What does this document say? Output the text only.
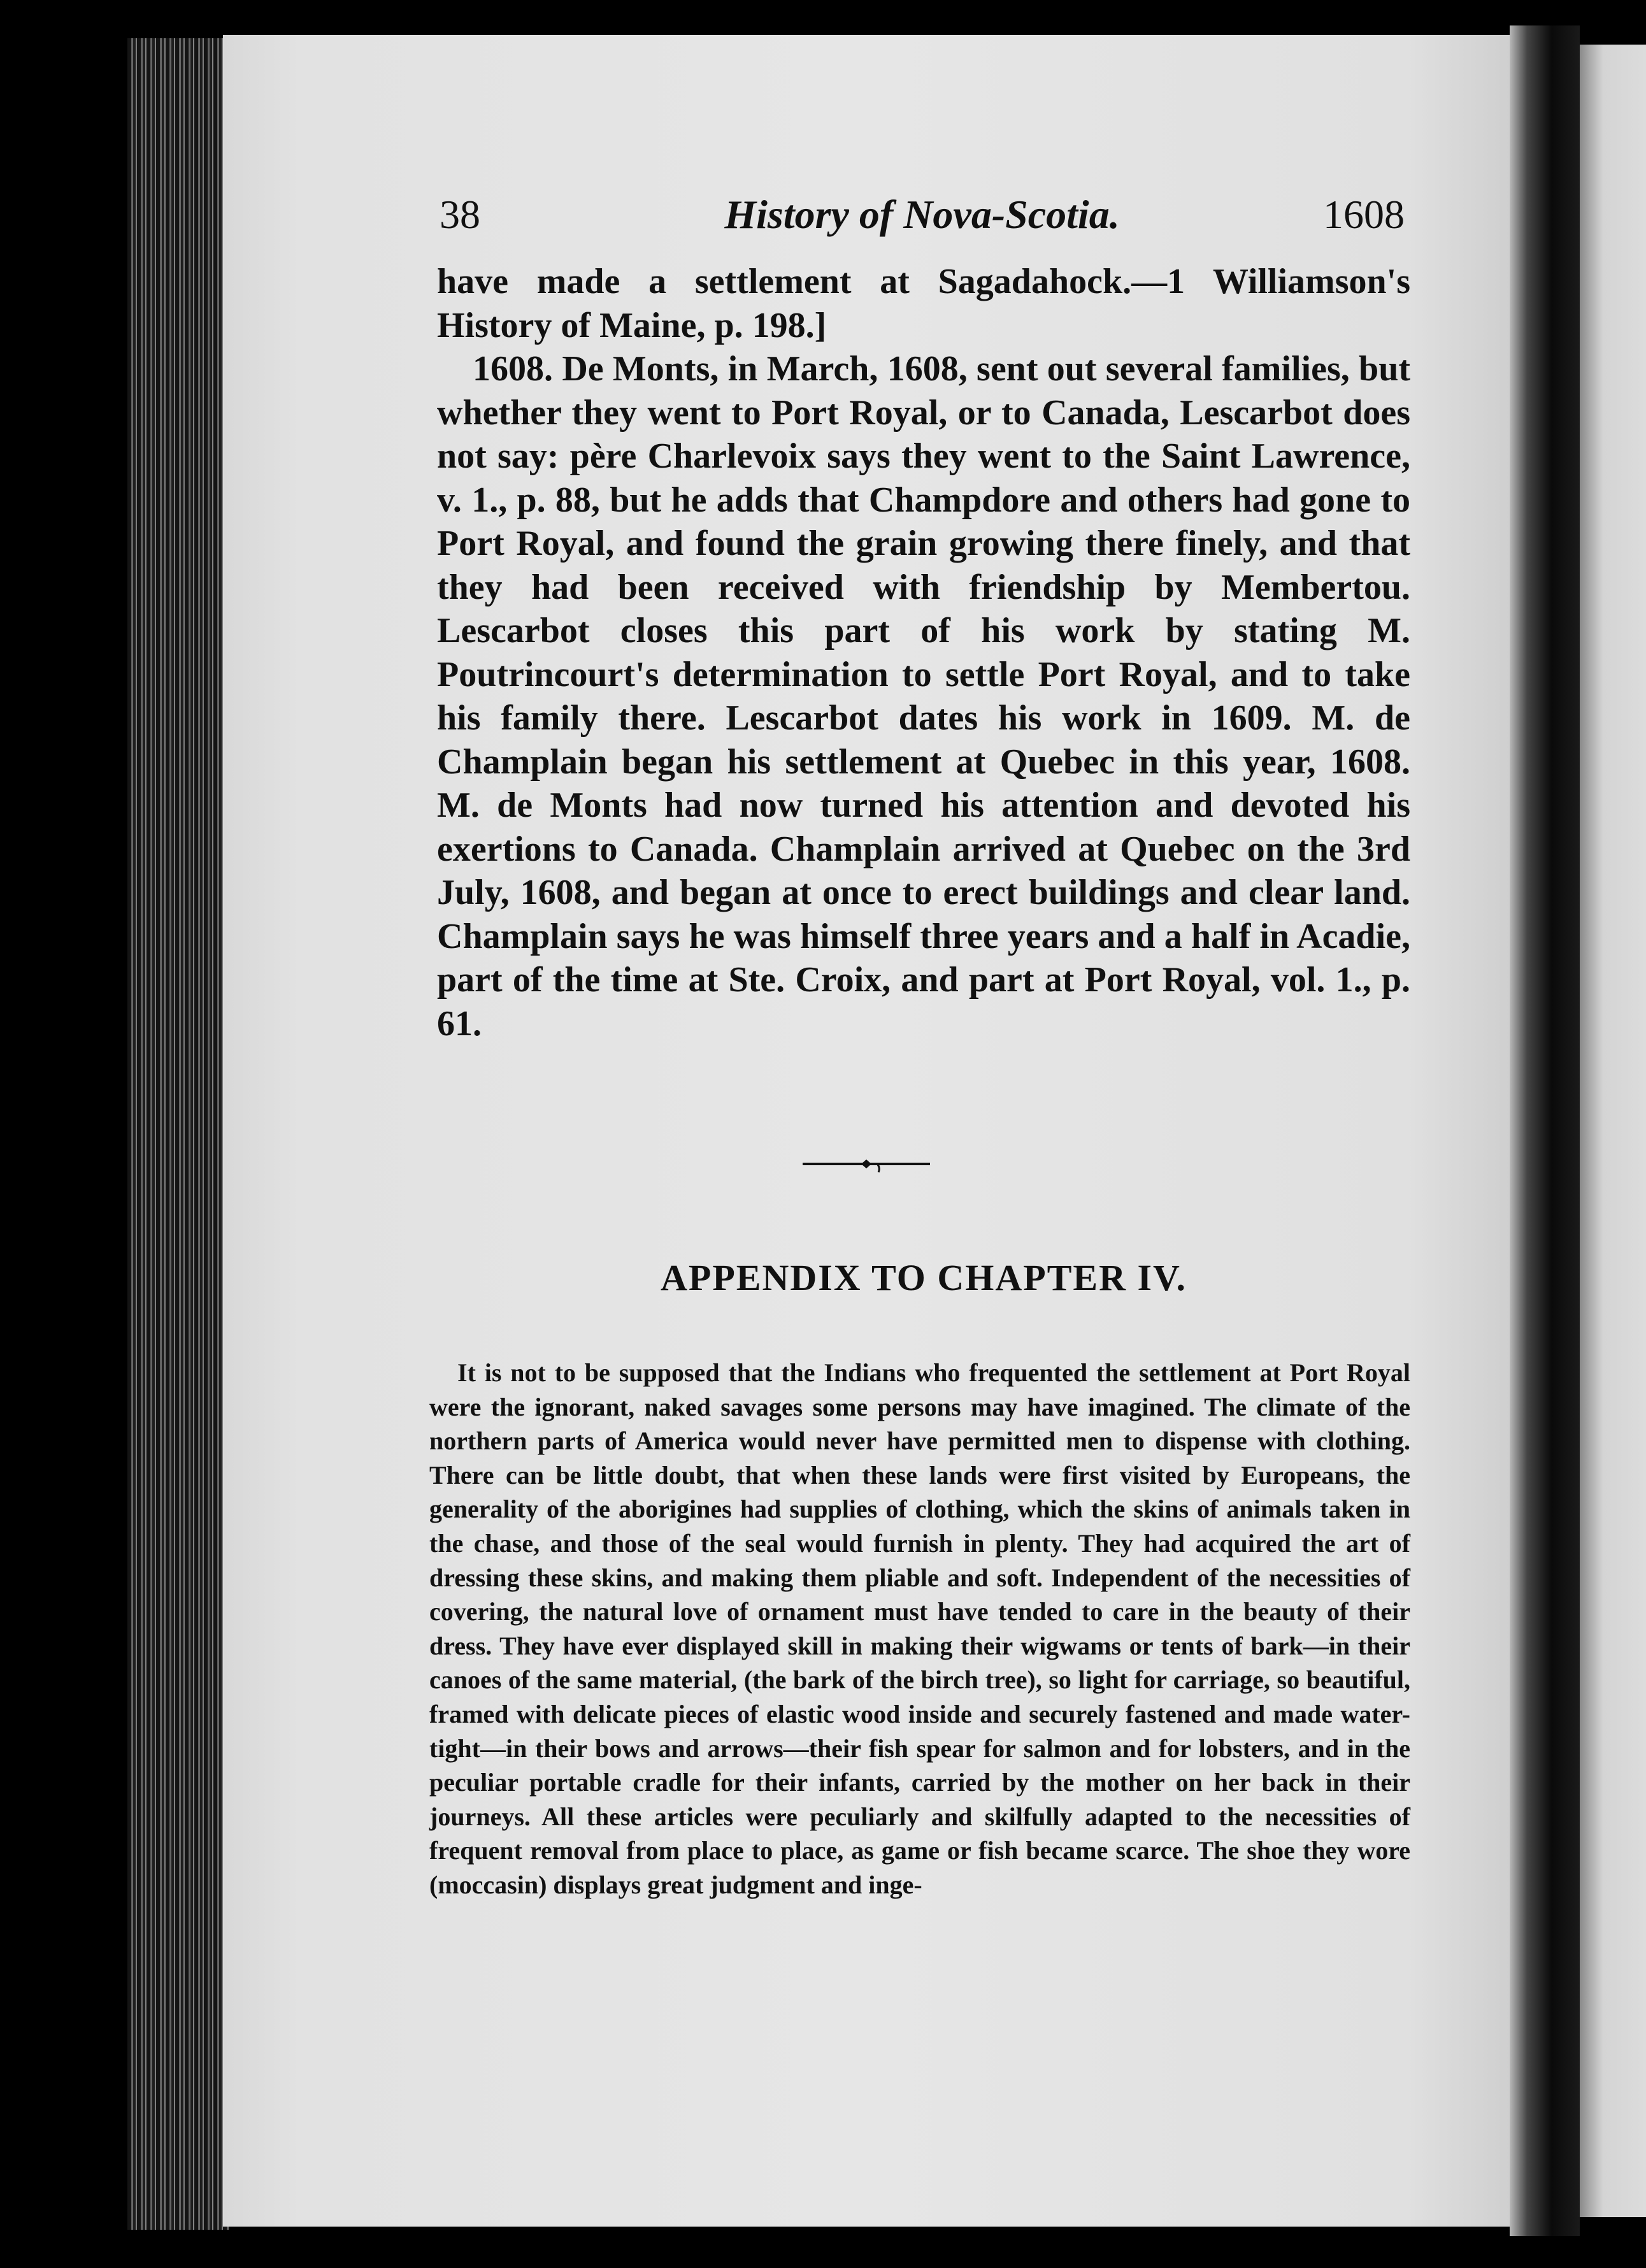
38	History of Nova-Scotia.	1608

have made a settlement at Sagadahock.—1 Williamson's History of Maine, p. 198.]

1608. De Monts, in March, 1608, sent out several families, but whether they went to Port Royal, or to Canada, Lescarbot does not say: père Charlevoix says they went to the Saint Lawrence, v. 1., p. 88, but he adds that Champdore and others had gone to Port Royal, and found the grain growing there finely, and that they had been received with friendship by Membertou. Lescarbot closes this part of his work by stating M. Poutrincourt's determination to settle Port Royal, and to take his family there. Lescarbot dates his work in 1609. M. de Champlain began his settlement at Quebec in this year, 1608. M. de Monts had now turned his attention and devoted his exertions to Canada. Champlain arrived at Quebec on the 3rd July, 1608, and began at once to erect buildings and clear land. Champlain says he was himself three years and a half in Acadie, part of the time at Ste. Croix, and part at Port Royal, vol. 1., p. 61.

APPENDIX TO CHAPTER IV.

It is not to be supposed that the Indians who frequented the settlement at Port Royal were the ignorant, naked savages some persons may have imagined. The climate of the northern parts of America would never have permitted men to dispense with clothing. There can be little doubt, that when these lands were first visited by Europeans, the generality of the aborigines had supplies of clothing, which the skins of animals taken in the chase, and those of the seal would furnish in plenty. They had acquired the art of dressing these skins, and making them pliable and soft. Independent of the necessities of covering, the natural love of ornament must have tended to care in the beauty of their dress. They have ever displayed skill in making their wigwams or tents of bark—in their canoes of the same material, (the bark of the birch tree), so light for carriage, so beautiful, framed with delicate pieces of elastic wood inside and securely fastened and made water-tight—in their bows and arrows—their fish spear for salmon and for lobsters, and in the peculiar portable cradle for their infants, carried by the mother on her back in their journeys. All these articles were peculiarly and skilfully adapted to the necessities of frequent removal from place to place, as game or fish became scarce. The shoe they wore (moccasin) displays great judgment and inge-
